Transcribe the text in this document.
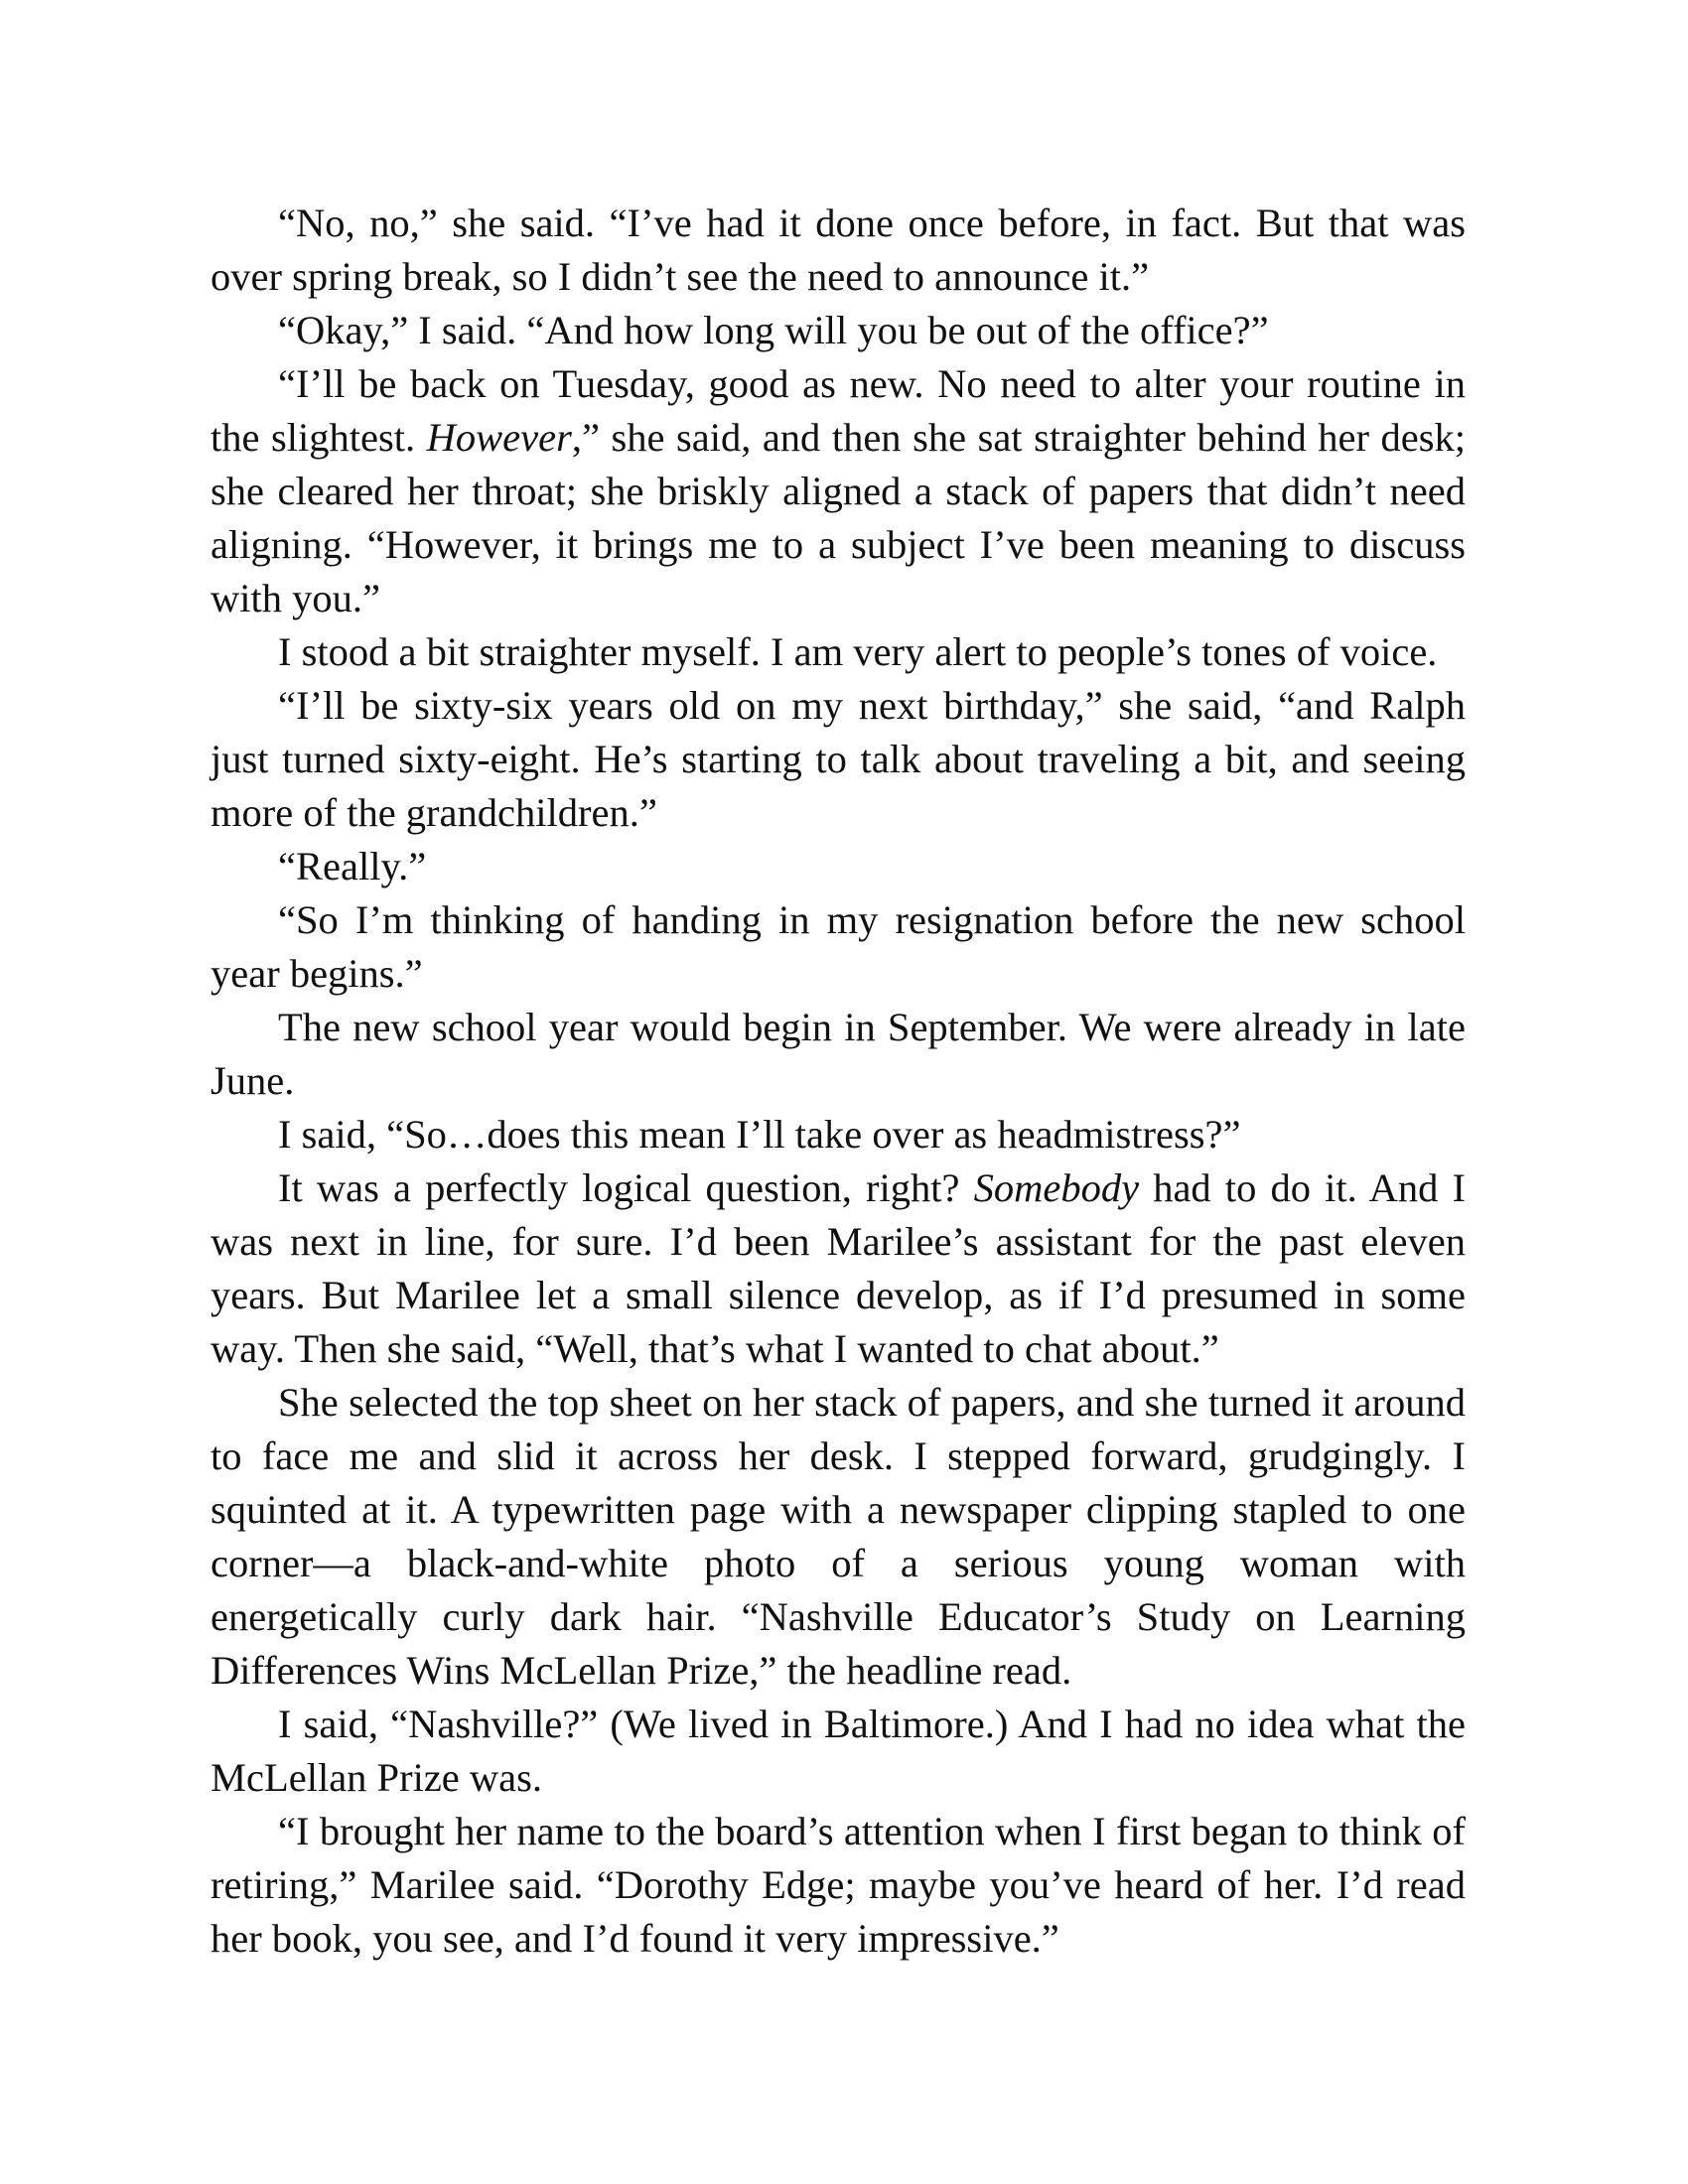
“No, no,” she said. “I’ve had it done once before, in fact. But that was over spring break, so I didn’t see the need to announce it.”

“Okay,” I said. “And how long will you be out of the office?”

“I’ll be back on Tuesday, good as new. No need to alter your routine in the slightest. However,” she said, and then she sat straighter behind her desk; she cleared her throat; she briskly aligned a stack of papers that didn’t need aligning. “However, it brings me to a subject I’ve been meaning to discuss with you.”

I stood a bit straighter myself. I am very alert to people’s tones of voice.

“I’ll be sixty-six years old on my next birthday,” she said, “and Ralph just turned sixty-eight. He’s starting to talk about traveling a bit, and seeing more of the grandchildren.”

“Really.”

“So I’m thinking of handing in my resignation before the new school year begins.”

The new school year would begin in September. We were already in late June.

I said, “So…does this mean I’ll take over as headmistress?”

It was a perfectly logical question, right? Somebody had to do it. And I was next in line, for sure. I’d been Marilee’s assistant for the past eleven years. But Marilee let a small silence develop, as if I’d presumed in some way. Then she said, “Well, that’s what I wanted to chat about.”

She selected the top sheet on her stack of papers, and she turned it around to face me and slid it across her desk. I stepped forward, grudgingly. I squinted at it. A typewritten page with a newspaper clipping stapled to one corner—a black-and-white photo of a serious young woman with energetically curly dark hair. “Nashville Educator’s Study on Learning Differences Wins McLellan Prize,” the headline read.

I said, “Nashville?” (We lived in Baltimore.) And I had no idea what the McLellan Prize was.

“I brought her name to the board’s attention when I first began to think of retiring,” Marilee said. “Dorothy Edge; maybe you’ve heard of her. I’d read her book, you see, and I’d found it very impressive.”
